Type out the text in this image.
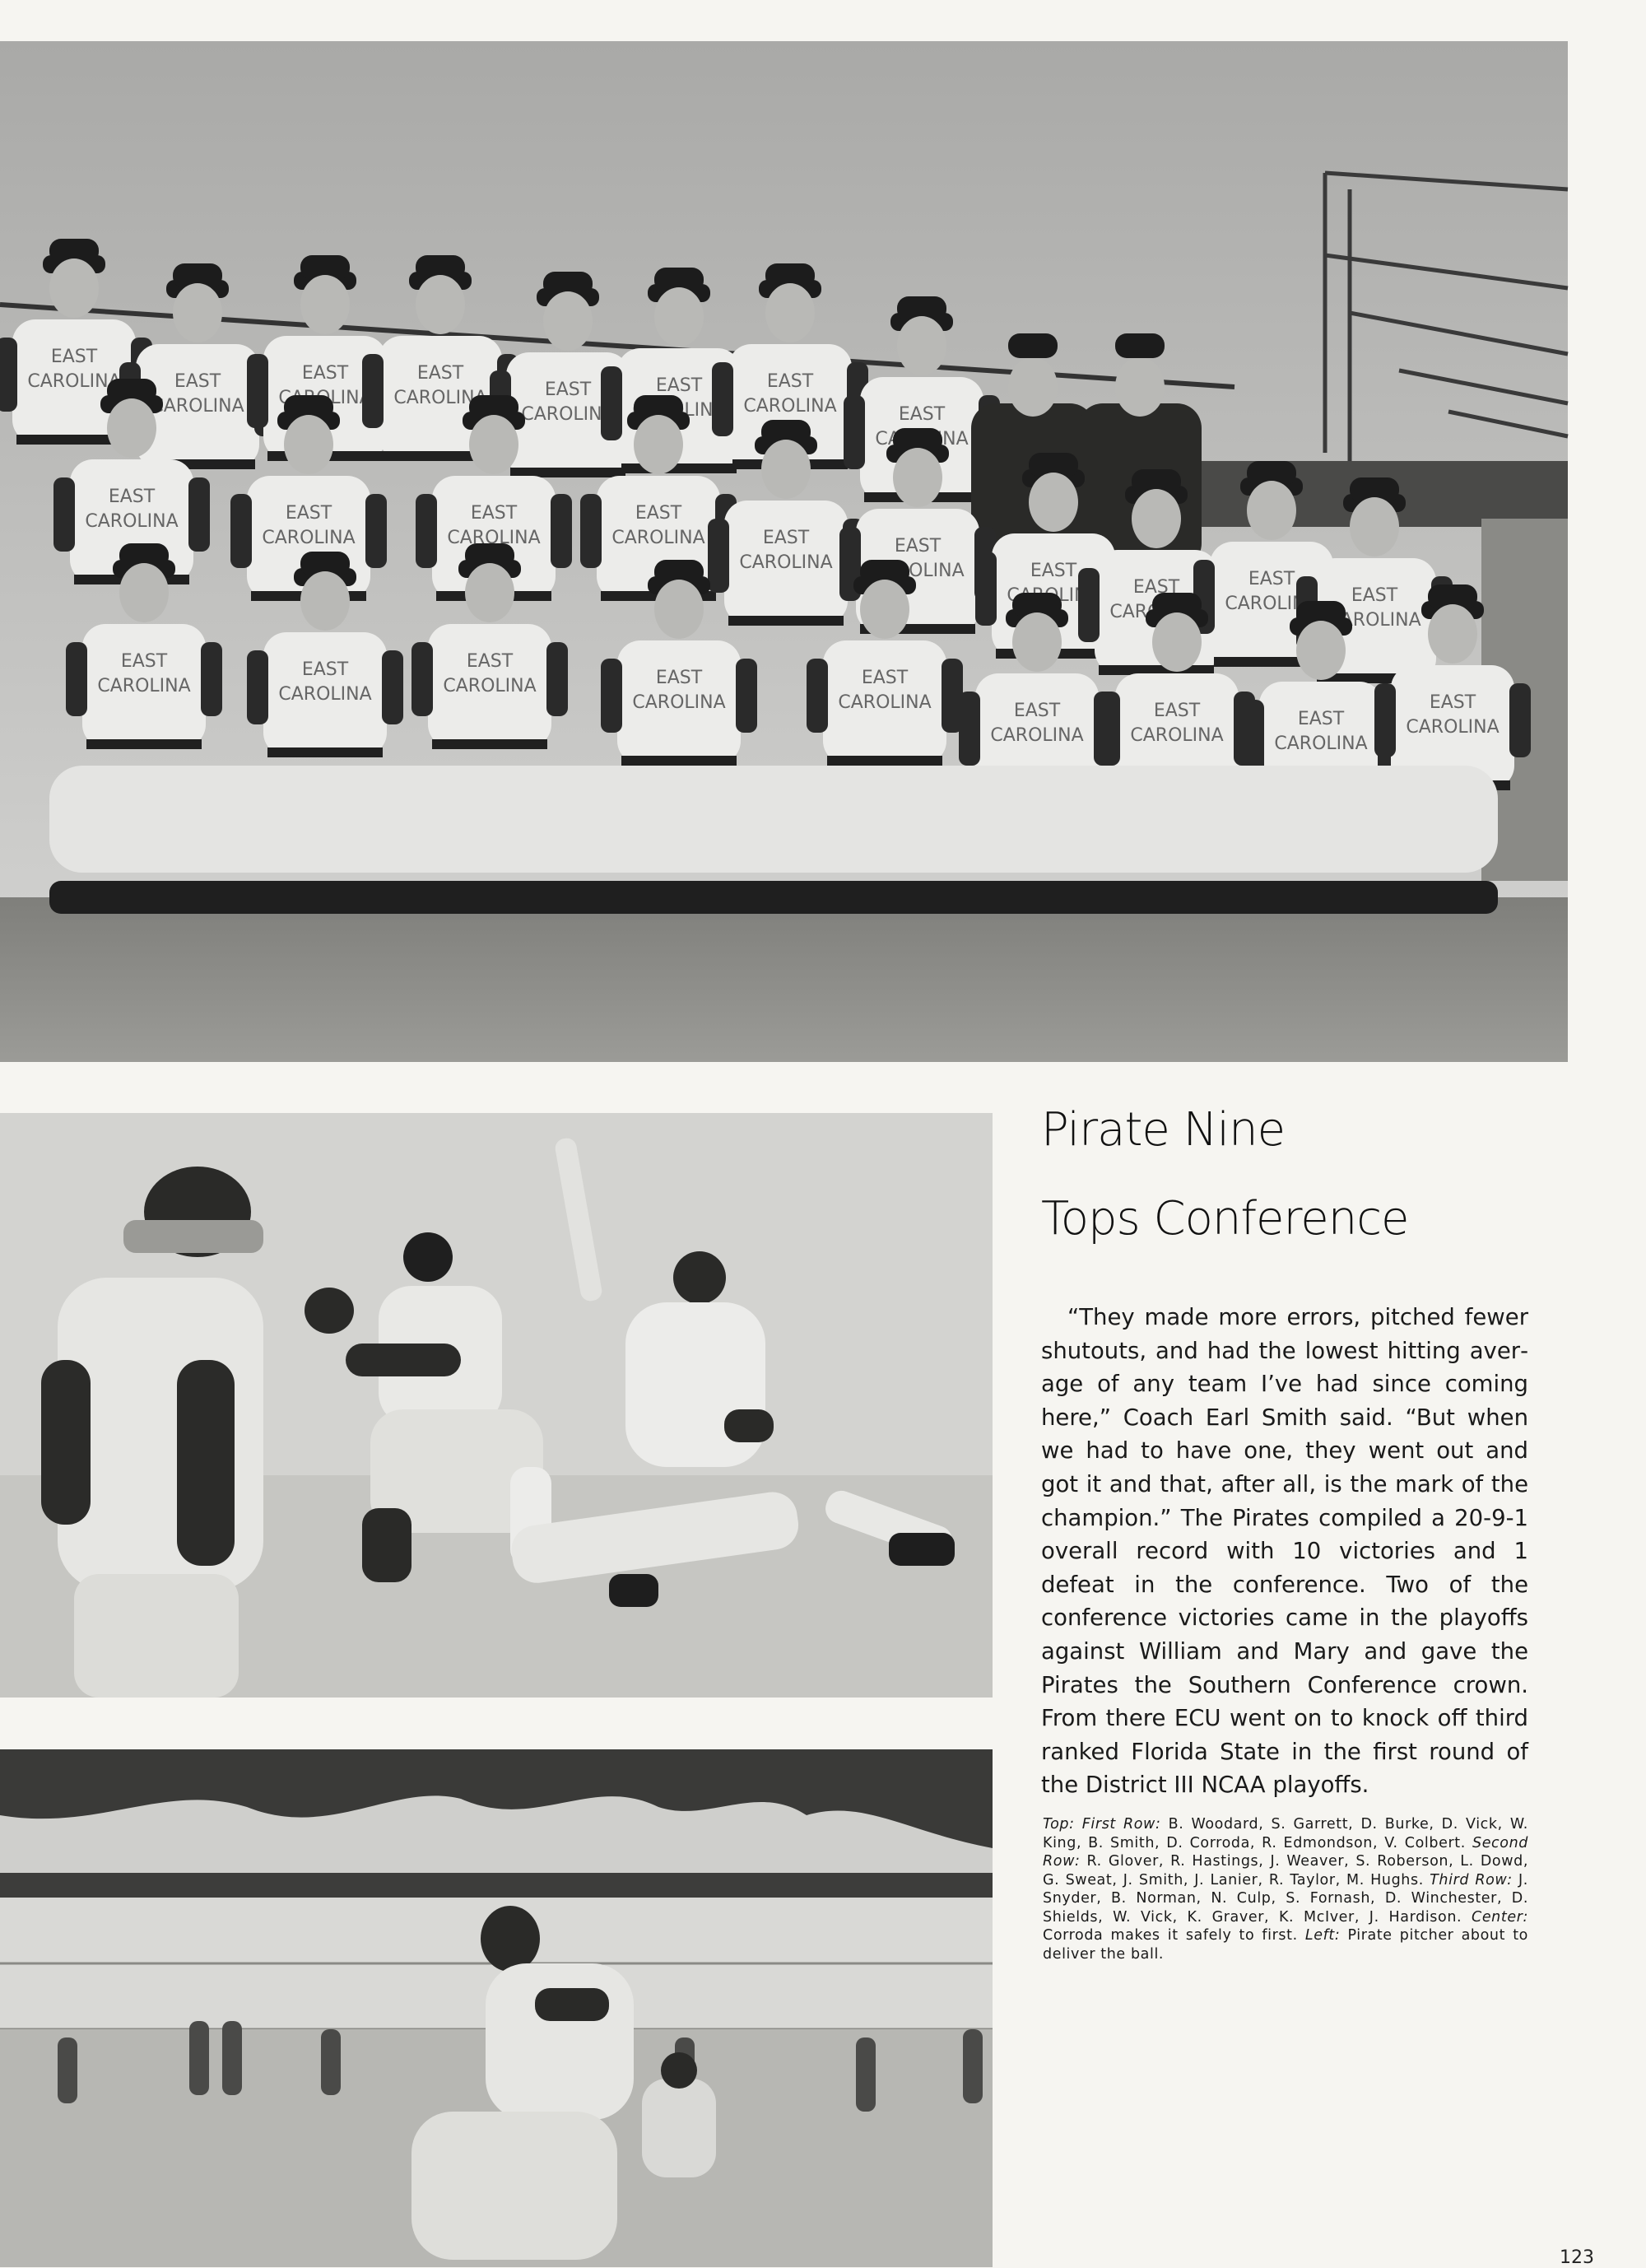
Pirate Nine
Tops Conference

“They made more errors, pitched fewer shutouts, and had the lowest hitting average of any team I’ve had since coming here,” Coach Earl Smith said. “But when we had to have one, they went out and got it and that, after all, is the mark of the champion.” The Pirates compiled a 20-9-1 overall record with 10 victories and 1 defeat in the conference. Two of the conference victories came in the playoffs against William and Mary and gave the Pirates the Southern Conference crown. From there ECU went on to knock off third ranked Florida State in the first round of the District III NCAA playoffs.

Top: First Row: B. Woodard, S. Garrett, D. Burke, D. Vick, W. King, B. Smith, D. Corroda, R. Edmondson, V. Colbert. Second Row: R. Glover, R. Hastings, J. Weaver, S. Roberson, L. Dowd, G. Sweat, J. Smith, J. Lanier, R. Taylor, M. Hughs. Third Row: J. Snyder, B. Norman, N. Culp, S. Fornash, D. Winchester, D. Shields, W. Vick, K. Graver, K. McIver, J. Hardison. Center: Corroda makes it safely to first. Left: Pirate pitcher about to deliver the ball.

123
